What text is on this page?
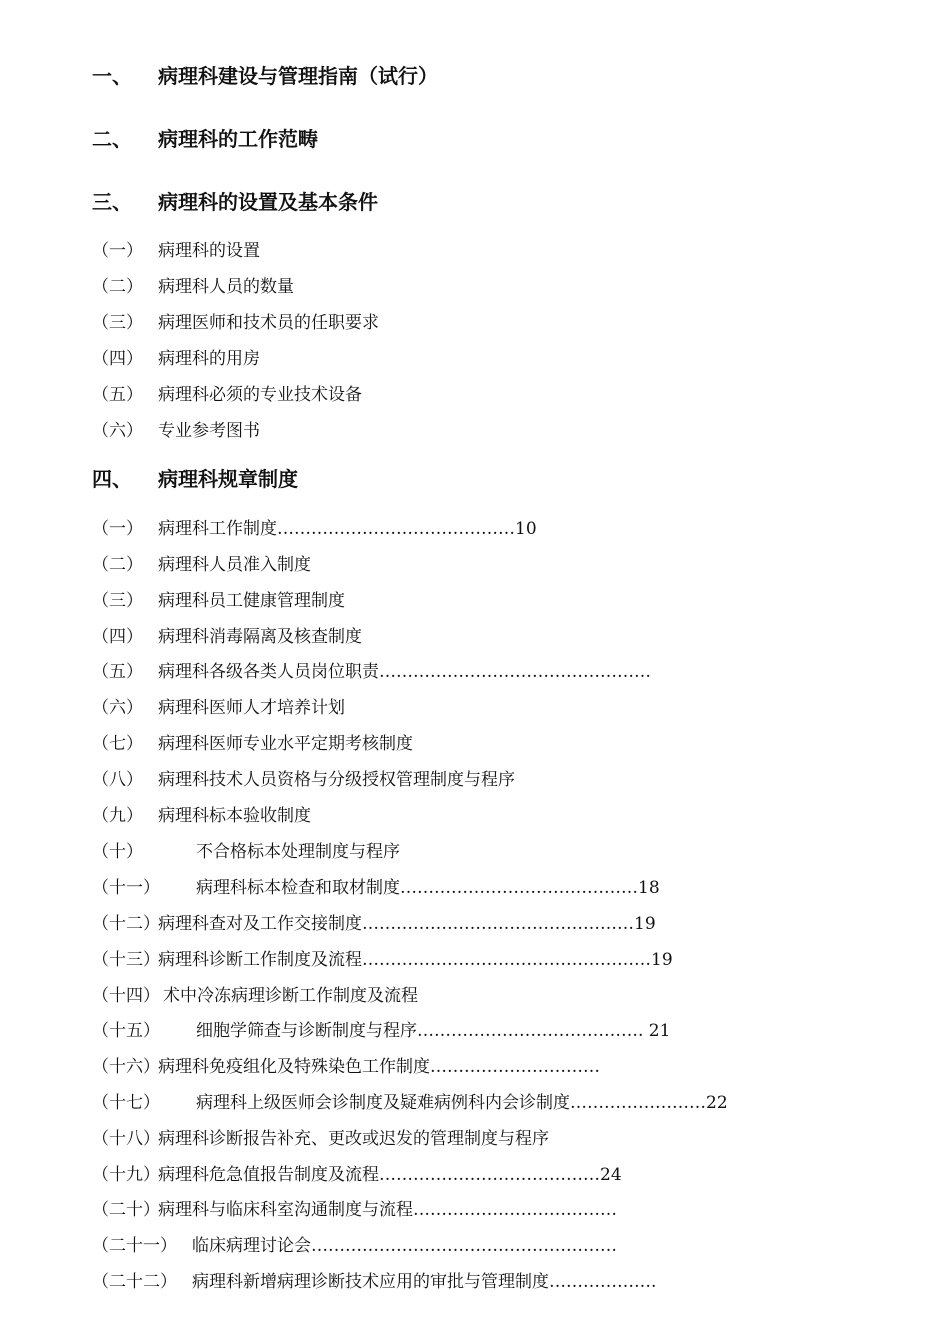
一、 病理科建设与管理指南（试行）
二、 病理科的工作范畴
三、 病理科的设置及基本条件
（一） 病理科的设置
（二） 病理科人员的数量
（三） 病理医师和技术员的任职要求
（四） 病理科的用房
（五） 病理科必须的专业技术设备
（六） 专业参考图书
四、 病理科规章制度
（一） 病理科工作制度……………………………………10
（二） 病理科人员准入制度
（三） 病理科员工健康管理制度
（四） 病理科消毒隔离及核查制度
（五） 病理科各级各类人员岗位职责…………………………………………
（六） 病理科医师人才培养计划
（七） 病理科医师专业水平定期考核制度
（八） 病理科技术人员资格与分级授权管理制度与程序
（九） 病理科标本验收制度
（十）	不合格标本处理制度与程序
（十一） 病理科标本检查和取材制度……………………………………18
（十二）
病理科查对及工作交接制度…………………………………………19
（十三）
病理科诊断工作制度及流程……………………………………………19
（十四） 术中冷冻病理诊断工作制度及流程
（十五） 细胞学筛查与诊断制度与程序…………………………………. 21
（十六）
病理科免疫组化及特殊染色工作制度…………………………
（十七） 病理科上级医师会诊制度及疑难病例科内会诊制度……………………22
（十八）
病理科诊断报告补充、更改或迟发的管理制度与程序
（十九）
病理科危急值报告制度及流程…………………………………24
（二十）
病理科与临床科室沟通制度与流程………………………………
（二十一） 临床病理讨论会………………………………………………
（二十二） 病理科新增病理诊断技术应用的审批与管理制度……………….
